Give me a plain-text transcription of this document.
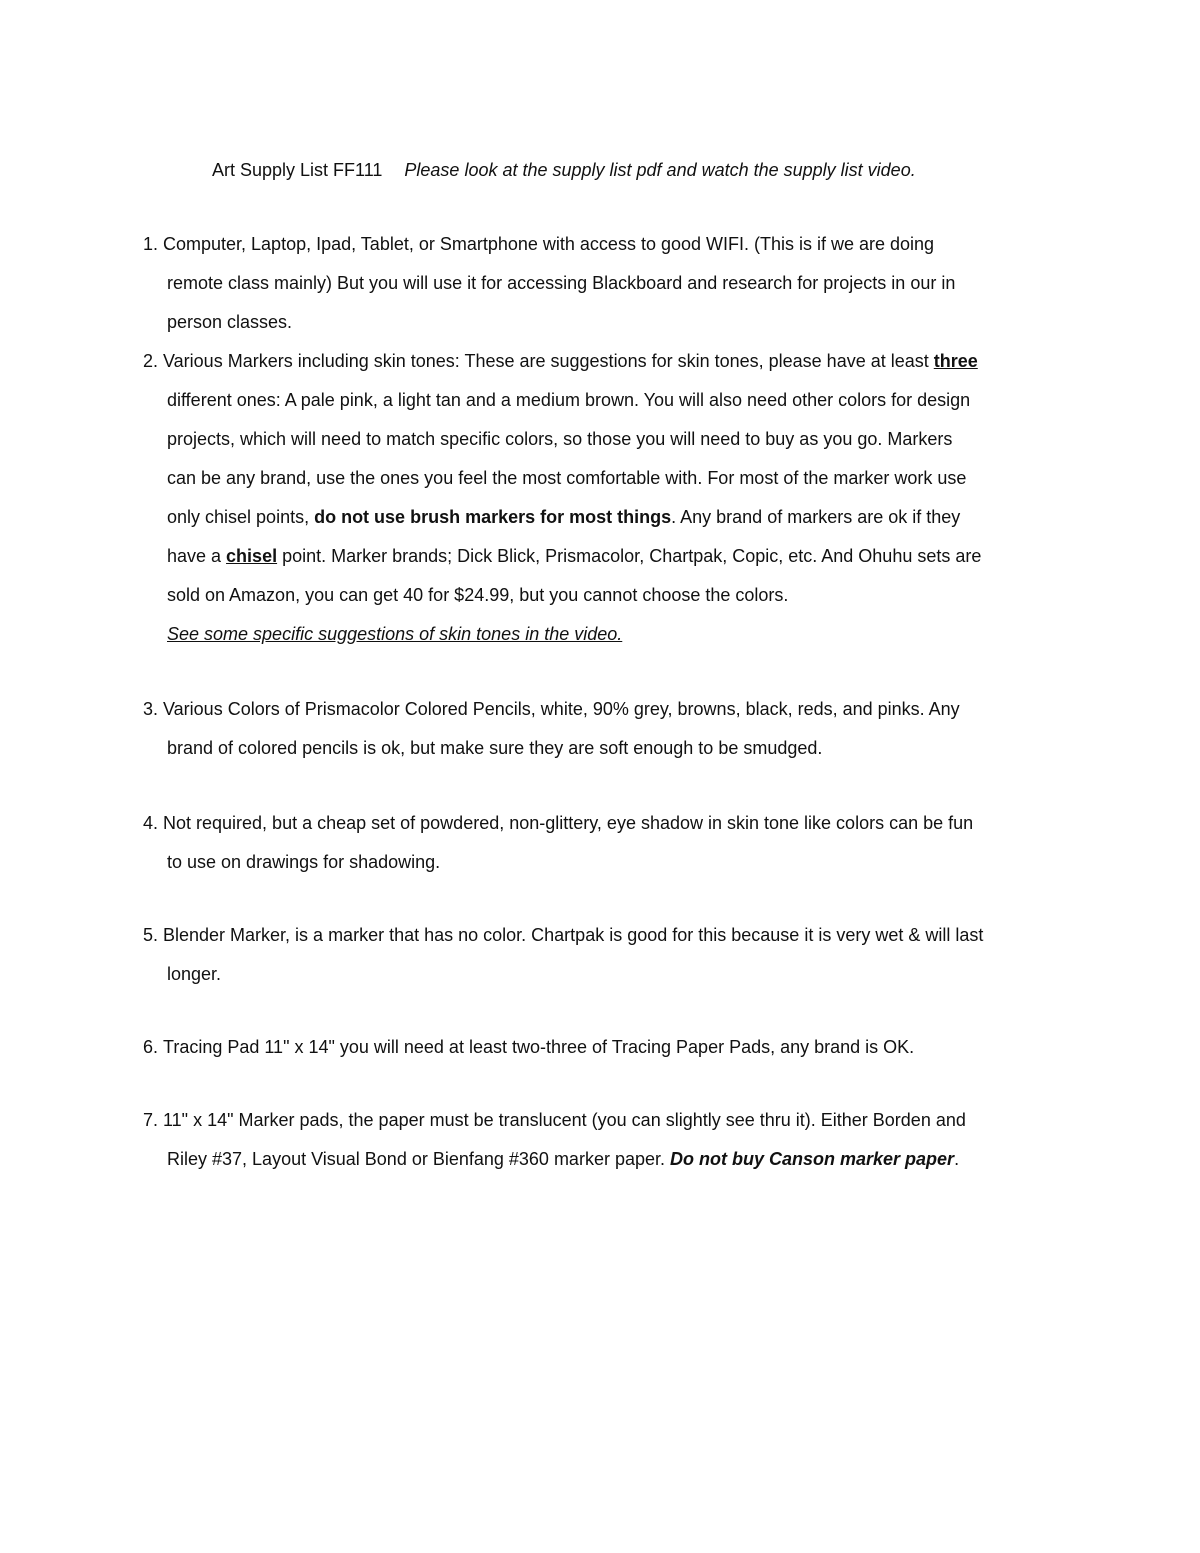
Art Supply List FF111 Please look at the supply list pdf and watch the supply list video.
1. Computer, Laptop, Ipad, Tablet, or Smartphone with access to good WIFI. (This is if we are doing
remote class mainly) But you will use it for accessing Blackboard and research for projects in our in
person classes.
2. Various Markers including skin tones: These are suggestions for skin tones, please have at least three
different ones: A pale pink, a light tan and a medium brown. You will also need other colors for design
projects, which will need to match specific colors, so those you will need to buy as you go. Markers
can be any brand, use the ones you feel the most comfortable with. For most of the marker work use
only chisel points, do not use brush markers for most things. Any brand of markers are ok if they
have a chisel point. Marker brands; Dick Blick, Prismacolor, Chartpak, Copic, etc. And Ohuhu sets are
sold on Amazon, you can get 40 for $24.99, but you cannot choose the colors.
See some specific suggestions of skin tones in the video.
3. Various Colors of Prismacolor Colored Pencils, white, 90% grey, browns, black, reds, and pinks. Any
brand of colored pencils is ok, but make sure they are soft enough to be smudged.
4. Not required, but a cheap set of powdered, non-glittery, eye shadow in skin tone like colors can be fun
to use on drawings for shadowing.
5. Blender Marker, is a marker that has no color. Chartpak is good for this because it is very wet & will last
longer.
6. Tracing Pad 11" x 14" you will need at least two-three of Tracing Paper Pads, any brand is OK.
7. 11" x 14" Marker pads, the paper must be translucent (you can slightly see thru it). Either Borden and
Riley #37, Layout Visual Bond or Bienfang #360 marker paper. Do not buy Canson marker paper.
